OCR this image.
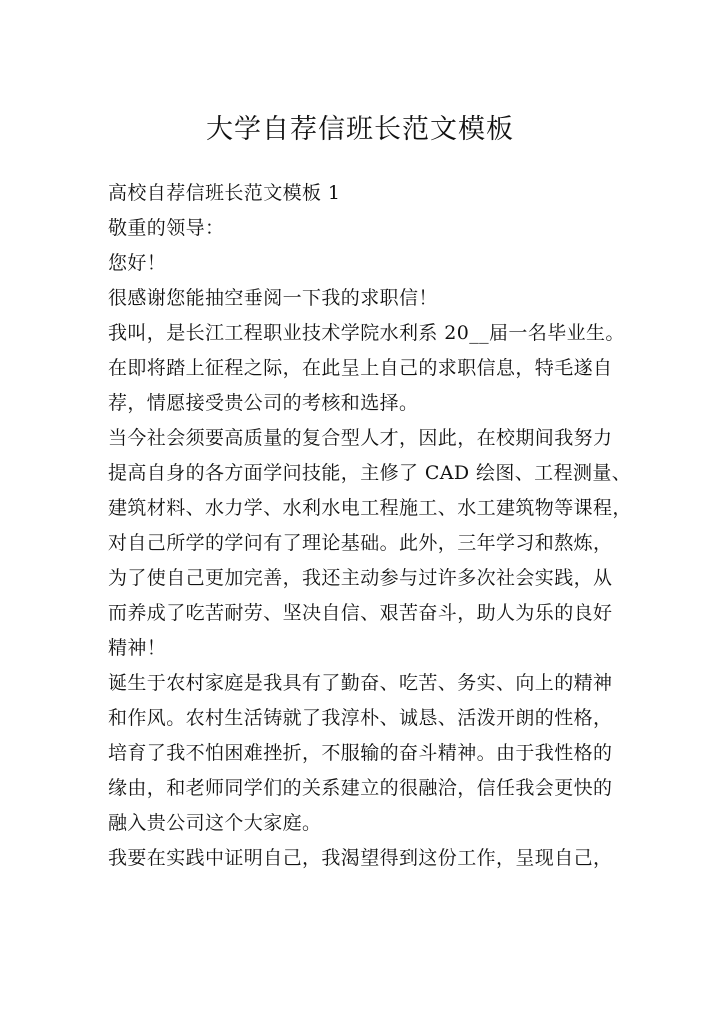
大学自荐信班长范文模板
高校自荐信班长范文模板 1
敬重的领导：
您好！
很感谢您能抽空垂阅一下我的求职信！
我叫，是长江工程职业技术学院水利系 20__届一名毕业生。
在即将踏上征程之际，在此呈上自己的求职信息，特毛遂自
荐，情愿接受贵公司的考核和选择。
当今社会须要高质量的复合型人才，因此，在校期间我努力
提高自身的各方面学问技能，主修了 CAD 绘图、工程测量、
建筑材料、水力学、水利水电工程施工、水工建筑物等课程，
对自己所学的学问有了理论基础。此外，三年学习和熬炼，
为了使自己更加完善，我还主动参与过许多次社会实践，从
而养成了吃苦耐劳、坚决自信、艰苦奋斗，助人为乐的良好
精神！
诞生于农村家庭是我具有了勤奋、吃苦、务实、向上的精神
和作风。农村生活铸就了我淳朴、诚恳、活泼开朗的性格，
培育了我不怕困难挫折，不服输的奋斗精神。由于我性格的
缘由，和老师同学们的关系建立的很融洽，信任我会更快的
融入贵公司这个大家庭。
我要在实践中证明自己，我渴望得到这份工作，呈现自己，
